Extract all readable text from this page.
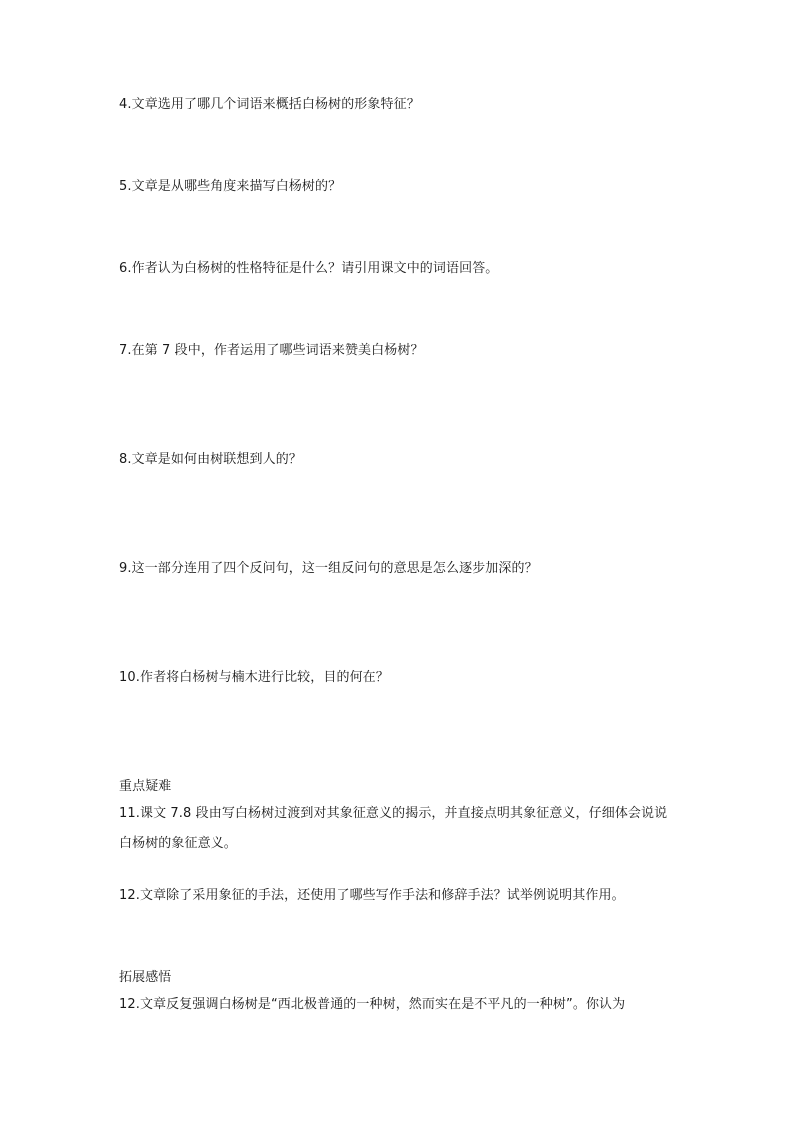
4.文章选用了哪几个词语来概括白杨树的形象特征？
5.文章是从哪些角度来描写白杨树的？
6.作者认为白杨树的性格特征是什么？请引用课文中的词语回答。
7.在第 7 段中，作者运用了哪些词语来赞美白杨树？
8.文章是如何由树联想到人的？
9.这一部分连用了四个反问句，这一组反问句的意思是怎么逐步加深的？
10.作者将白杨树与楠木进行比较，目的何在？
重点疑难
11.课文 7.8 段由写白杨树过渡到对其象征意义的揭示，并直接点明其象征意义，仔细体会说说白杨树的象征意义。
12.文章除了采用象征的手法，还使用了哪些写作手法和修辞手法？试举例说明其作用。
拓展感悟
12.文章反复强调白杨树是“西北极普通的一种树，然而实在是不平凡的一种树”。你认为
